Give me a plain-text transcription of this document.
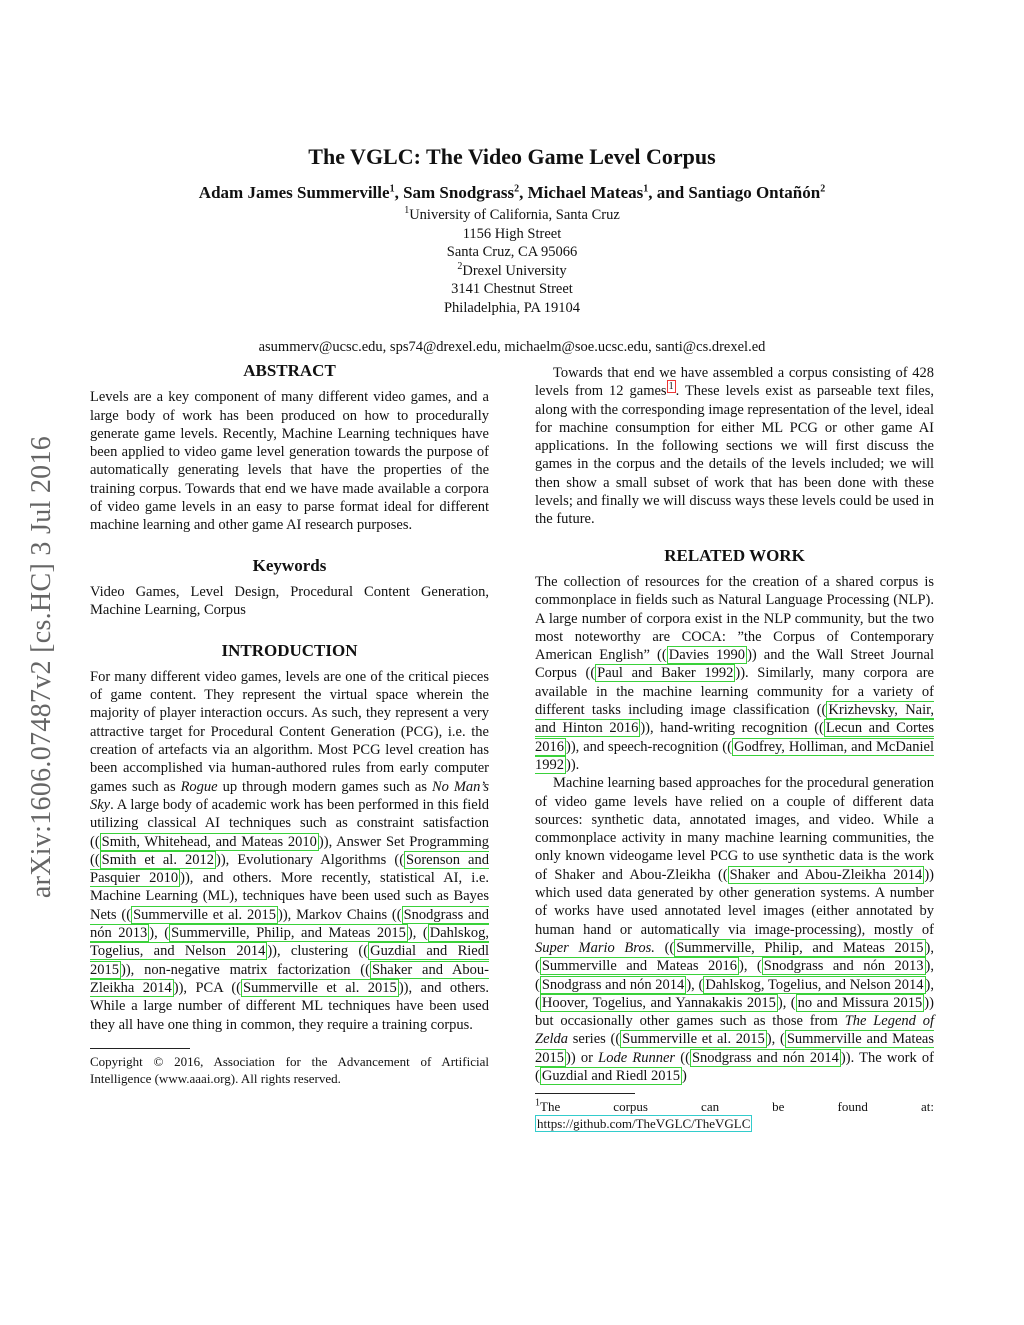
arXiv:1606.07487v2 [cs.HC] 3 Jul 2016
The VGLC: The Video Game Level Corpus
Adam James Summerville$^1$, Sam Snodgrass$^2$, Michael Mateas$^1$, and Santiago Ontañón$^2$
$^1$University of California, Santa Cruz
1156 High Street
Santa Cruz, CA 95066
$^2$Drexel University
3141 Chestnut Street
Philadelphia, PA 19104
asummerv@ucsc.edu, sps74@drexel.edu, michaelm@soe.ucsc.edu, santi@cs.drexel.ed
ABSTRACT

Levels are a key component of many different video games, and a large body of work has been produced on how to procedurally generate game levels. Recently, Machine Learning techniques have been applied to video game level generation towards the purpose of automatically generating levels that have the properties of the training corpus. Towards that end we have made available a corpora of video game levels in an easy to parse format ideal for different machine learning and other game AI research purposes.

Keywords

Video Games, Level Design, Procedural Content Generation, Machine Learning, Corpus

INTRODUCTION

For many different video games, levels are one of the critical pieces of game content. They represent the virtual space wherein the majority of player interaction occurs. As such, they represent a very attractive target for Procedural Content Generation (PCG), i.e. the creation of artefacts via an algorithm. Most PCG level creation has been accomplished via human-authored rules from early computer games such as Rogue up through modern games such as No Man’s Sky. A large body of academic work has been performed in this field utilizing classical AI techniques such as constraint satisfaction (( Smith, Whitehead, and Mateas 2010 )), Answer Set Programming (( Smith et al. 2012 )), Evolutionary Algorithms (( Sorenson and Pasquier 2010 )), and others. More recently, statistical AI, i.e. Machine Learning (ML), techniques have been used such as Bayes Nets (( Summerville et al. 2015 )), Markov Chains (( Snodgrass and nón 2013 ), ( Summerville, Philip, and Mateas 2015 ), ( Dahlskog, Togelius, and Nelson 2014 )), clustering (( Guzdial and Riedl 2015 )), non-negative matrix factorization (( Shaker and Abou-Zleikha 2014 )), PCA (( Summerville et al. 2015 )), and others. While a large number of different ML techniques have been used they all have one thing in common, they require a training corpus.

Copyright © 2016, Association for the Advancement of Artificial Intelligence (www.aaai.org). All rights reserved.

Towards that end we have assembled a corpus consisting of 428 levels from 12 games $^1$ . These levels exist as parseable text files, along with the corresponding image representation of the level, ideal for machine consumption for either ML PCG or other game AI applications. In the following sections we will first discuss the games in the corpus and the details of the levels included; we will then show a small subset of work that has been done with these levels; and finally we will discuss ways these levels could be used in the future.

RELATED WORK

The collection of resources for the creation of a shared corpus is commonplace in fields such as Natural Language Processing (NLP). A large number of corpora exist in the NLP community, but the two most noteworthy are COCA: ”the Corpus of Contemporary American English” (( Davies 1990 )) and the Wall Street Journal Corpus (( Paul and Baker 1992 )). Similarly, many corpora are available in the machine learning community for a variety of different tasks including image classification (( Krizhevsky, Nair, and Hinton 2016 )), hand-writing recognition (( Lecun and Cortes 2016 )), and speech-recognition (( Godfrey, Holliman, and McDaniel 1992 )).

Machine learning based approaches for the procedural generation of video game levels have relied on a couple of different data sources: synthetic data, annotated images, and video. While a commonplace activity in many machine learning communities, the only known videogame level PCG to use synthetic data is the work of Shaker and Abou-Zleikha (( Shaker and Abou-Zleikha 2014 )) which used data generated by other generation systems. A number of works have used annotated level images (either annotated by human hand or automatically via image-processing), mostly of Super Mario Bros. (( Summerville, Philip, and Mateas 2015 ), ( Summerville and Mateas 2016 ), ( Snodgrass and nón 2013 ), ( Snodgrass and nón 2014 ), ( Dahlskog, Togelius, and Nelson 2014 ), ( Hoover, Togelius, and Yannakakis 2015 ), ( no and Missura 2015 )) but occasionally other games such as those from The Legend of Zelda series (( Summerville et al. 2015 ), ( Summerville and Mateas 2015 )) or Lode Runner (( Snodgrass and nón 2014 )). The work of ( Guzdial and Riedl 2015 )

$^1$The	corpus	can	be	found	at:
https://github.com/TheVGLC/TheVGLC
